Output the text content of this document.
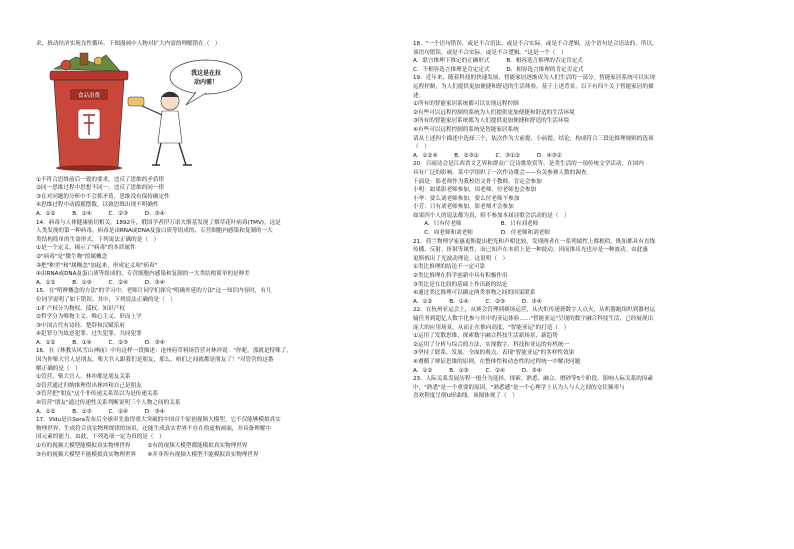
求，推动经济实现良性循环。下图漫画中人物对扩大内需的理解错在（　）
食品浪费
我这是在拉
动内需！
①不符合思维前后一致的要求，违反了思维的矛盾律
②同一思维过程中思想不同一，违反了思维的同一律
③在对问题的分析中不会抓矛盾，思维没有保持确定性
④思维过程中动摇摇摆数，以致思维出现不明确性
A．①②　　　B．①④　　　C．②③　　　D．③④
14．病毒与人体健康密切相关。1892年，俄国学者伊万诺夫斯基发现了烟草花叶病毒(TMV)，这是
人类发现的第一种病毒。病毒是由RNA或DNA及蛋白质等组成的、专营细胞内感染和复制的一大
类结构简单的生命形式。下列说法正确的是（　）
①是一个定义，揭示了"病毒"的本质属性
②"病毒"是"微生物"的属概念
③把"种差"和"属概念"加起来，形成定义项"病毒"
④由RNA或DNA及蛋白质等组成的、专营细胞内感染和复制的一大类结构简单的是种差
A．①②　　　B．①③　　　C．②④　　　D．③④
15．在"明辨概念的方法"的学习中，老师让同学们探究"明确外延的方法"这一知识内容时，有几
位同学说明了如下错误。其中，下列说法正确的是（　）
①扩产权分为物权、债权、知识产权
②哲学分为唯物主义、唯心主义、形而上学
③中国古代有诗经、楚辞和汉赋乐府
④犯罪分为故意犯罪、过失犯罪、共同犯罪
A．①②　　　B．①④　　　C．②③　　　D．③④
16．在《林教头风雪山神庙》中有这样一段描述：沧州府草料场管营对林冲说："你呢，那就是特殊了，
因为你柴大官人是朋友，柴大官人跟我们是朋友，那么，咱们之间就都是朋友了！"对管营的这番
解正确的是（　）
①管营、柴大官人、林冲都是朋友关系
②管营通过归纳推理得出林冲和自己是朋友
③管营把"朋友"这个非传递关系误以为是传递关系
④管营"朋友"通过传递性关系判断说明三个人物之间的关系
A．①②　　　B．①③　　　C．②④　　　D．③④
17．Vidu是自Sora发布后全球率先取得重大突破的中国首个原创视频大模型。它不仅能够模拟真实
物理世界，生成符合真实物理规律的场景，还能生成真实世界不存在的虚构画面，并具备理解中
国元素的能力。由此，下列选项一定为真的是（　）
①有的视频大模型能模拟真实物理世界　　　②有的视频大模型都能模拟真实物理世界
③有的视频大模型不能模拟真实物理世界　　④并非所有视频大模型不能模拟真实物理世界
18．"一个语句错误，或是不合语法，或是不合实际，或是不合逻辑。这个语句是合语法的，所以，
该语句错误，或是不合实际，或是不合逻辑。"这是一个（　）
A．联言推理下推定的正确形式　　　B．相容选言推理的否定肯定式
C．不相容选言推理是肯定定式　　　D．相容选言推理的肯定否定式
19．近年来，随着科技的快速发展，智能家居逐渐成为人们生活的一部分。智能家居系统可以实现
远程控制，为人们提供更加便捷和舒适的生活体验。基于上述背景，以下有四个关于智能家居的描
述：
①所有的智能家居系统都可以实现远程控制
②有些可以远程控制的系统为人们提供更加便捷和舒适的生活环境
③所有的智能家居系统都为人们提供更加便捷和舒适的生活环境
④有些可以远程控制的系统是智能家居系统
请从上述四个描述中选择三个，依次作为大前提、小前提、结论，构成符合三段论推理规则的选项
（　）
A．①②④　　　B．②③①　　　C．③①②　　　D．④③②
20．百雨诗会是江西省文艺界和群众广泛诗歌欣赏等，是类生活的一项传统文学活动，在国内
具有广泛的影响。某中学组织了一次作诗歌会——有关参赛人数的调查。
下面是：影老师作为我校语文骨干教师，肯定会参加
小明：如果影老师参加，周老师、付老师也会参加
小华：要么刘老师参加，要么付老师不参加
小芳：只有刘老师参加，影老师才会参加
如果四个人的说法都为真，则不参加本届诗歌会活动的是（　）
　　A．只有付老师　　　　　　　B．只有刘老师
　　C．周老师和刘老师　　　　　D．付老师和刘老师
21．荷兰物理学家惠更斯提出把光和声相比较，发现两者在一系列属性上都相似，既知都具有直线
传播、反射、折射等属性，而已知声在本质上是一种波动，因而推出光也应是一种波动。由此惠
更斯推出了光波动理论。这说明（　）
①类比推理的结论不一定可靠
②类比推理在科学创新中具有积极作用
③类比是在比较的基础上作出新的结论
④通过类比推理可以确定两类事物之间的因果联系
A．①②　　　B．①④　　　C．②③　　　D．③④
22．在杭州亚运会上，从赛会管理到赛场运营，从火炬传递到数字人点火，从机器跑组织到器材运
输任务到超亿人数字化参与其中的亚运体验……"智能亚运"呈现的数字融合科技生活，已经展现出
庞大的应用场景，从而正在推向高度，"智能亚运"的打造（　）
①运用了发散思维，探索数字融合科技生活新场景、新趋势
②运用了分析与综合的方法，实现数字、科技和亚运的有机统一
③坚持了联系、发展、全面的观点，表现"智能亚运"的多样性效果
④遵循了辩证思维的原则，在整体性和动态性的过程统一中解决问题
A．①②　　　B．①③　　　C．②④　　　D．③④
23．人际关系发展历程一般分为选择、探索、熟悉、融合、磨砂等5个阶段。影响人际关系的因素
中，"熟悉"是一个重要的原因，"熟悉感"是一个心理学上认为人与人之间的交往频率与
喜欢程度呈倒U形曲线。该图体现了（　）
